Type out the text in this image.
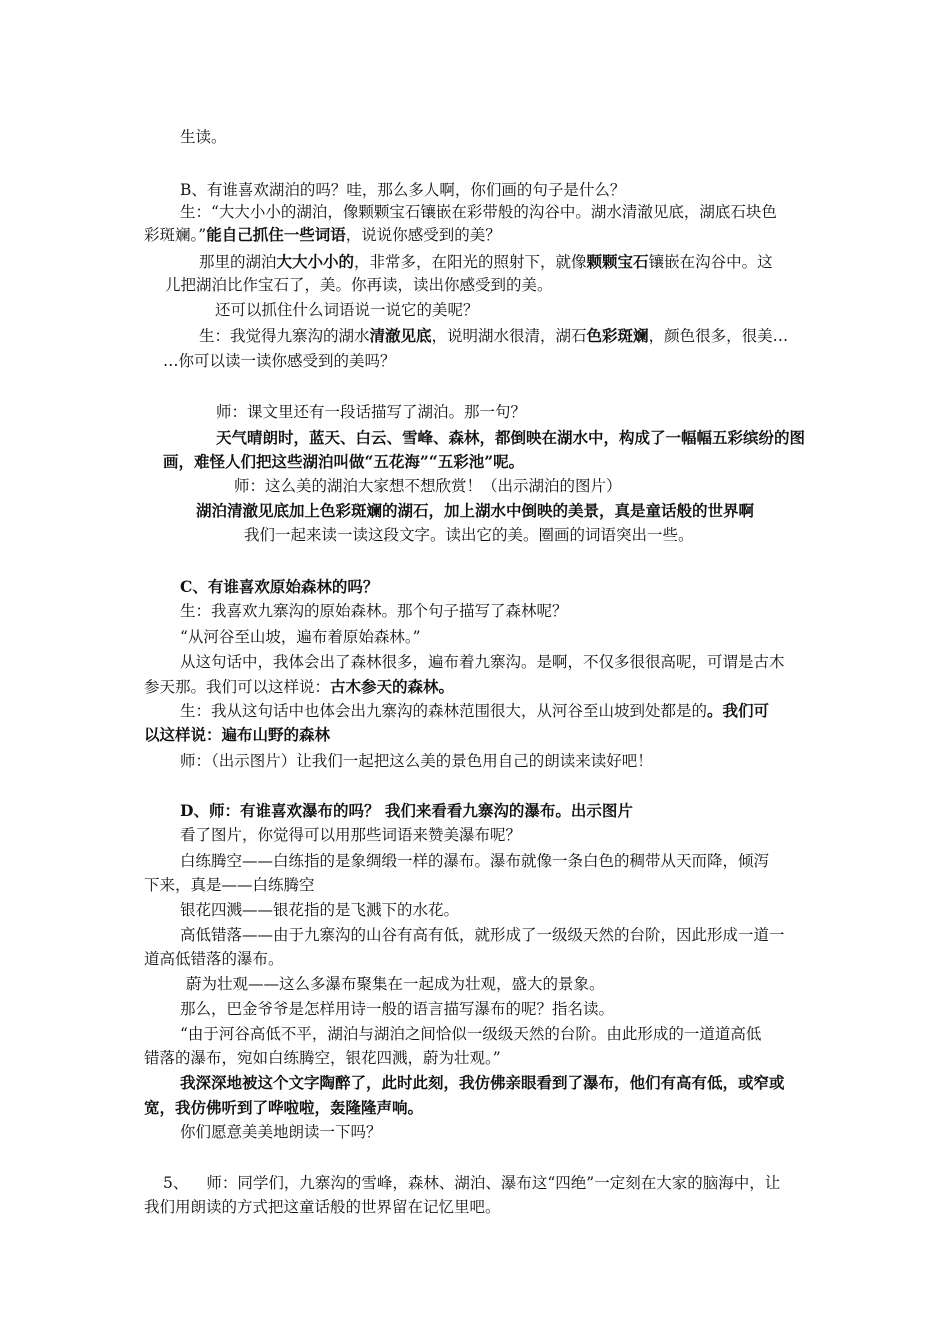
生读。

B、有谁喜欢湖泊的吗？哇，那么多人啊，你们画的句子是什么？

生：“大大小小的湖泊，像颗颗宝石镶嵌在彩带般的沟谷中。湖水清澈见底，湖底石块色

彩斑斓。”能自己抓住一些词语，说说你感受到的美？

那里的湖泊大大小小的，非常多，在阳光的照射下，就像颗颗宝石镶嵌在沟谷中。这

儿把湖泊比作宝石了，美。你再读，读出你感受到的美。

还可以抓住什么词语说一说它的美呢？

生：我觉得九寨沟的湖水清澈见底，说明湖水很清，湖石色彩斑斓，颜色很多，很美…

…你可以读一读你感受到的美吗？

师：课文里还有一段话描写了湖泊。那一句？

天气晴朗时，蓝天、白云、雪峰、森林，都倒映在湖水中，构成了一幅幅五彩缤纷的图

画，难怪人们把这些湖泊叫做“五花海”“五彩池”呢。

师：这么美的湖泊大家想不想欣赏！（出示湖泊的图片）

湖泊清澈见底加上色彩斑斓的湖石，加上湖水中倒映的美景，真是童话般的世界啊

我们一起来读一读这段文字。读出它的美。圈画的词语突出一些。

C、有谁喜欢原始森林的吗？

生：我喜欢九寨沟的原始森林。那个句子描写了森林呢？

“从河谷至山坡，遍布着原始森林。”

从这句话中，我体会出了森林很多，遍布着九寨沟。是啊，不仅多很很高呢，可谓是古木

参天那。我们可以这样说：古木参天的森林。

生：我从这句话中也体会出九寨沟的森林范围很大，从河谷至山坡到处都是的。我们可

以这样说：遍布山野的森林

师：（出示图片）让我们一起把这么美的景色用自己的朗读来读好吧！

D、师：有谁喜欢瀑布的吗？ 我们来看看九寨沟的瀑布。出示图片

看了图片，你觉得可以用那些词语来赞美瀑布呢？

白练腾空——白练指的是象绸缎一样的瀑布。瀑布就像一条白色的稠带从天而降，倾泻

下来，真是——白练腾空

银花四溅——银花指的是飞溅下的水花。

高低错落——由于九寨沟的山谷有高有低，就形成了一级级天然的台阶，因此形成一道一

道高低错落的瀑布。

蔚为壮观——这么多瀑布聚集在一起成为壮观，盛大的景象。

那么，巴金爷爷是怎样用诗一般的语言描写瀑布的呢？指名读。

“由于河谷高低不平，湖泊与湖泊之间恰似一级级天然的台阶。由此形成的一道道高低

错落的瀑布，宛如白练腾空，银花四溅，蔚为壮观。”

我深深地被这个文字陶醉了，此时此刻，我仿佛亲眼看到了瀑布，他们有高有低，或窄或

宽，我仿佛听到了哗啦啦，轰隆隆声响。

你们愿意美美地朗读一下吗？

5、 师：同学们，九寨沟的雪峰，森林、湖泊、瀑布这“四绝”一定刻在大家的脑海中，让

我们用朗读的方式把这童话般的世界留在记忆里吧。
